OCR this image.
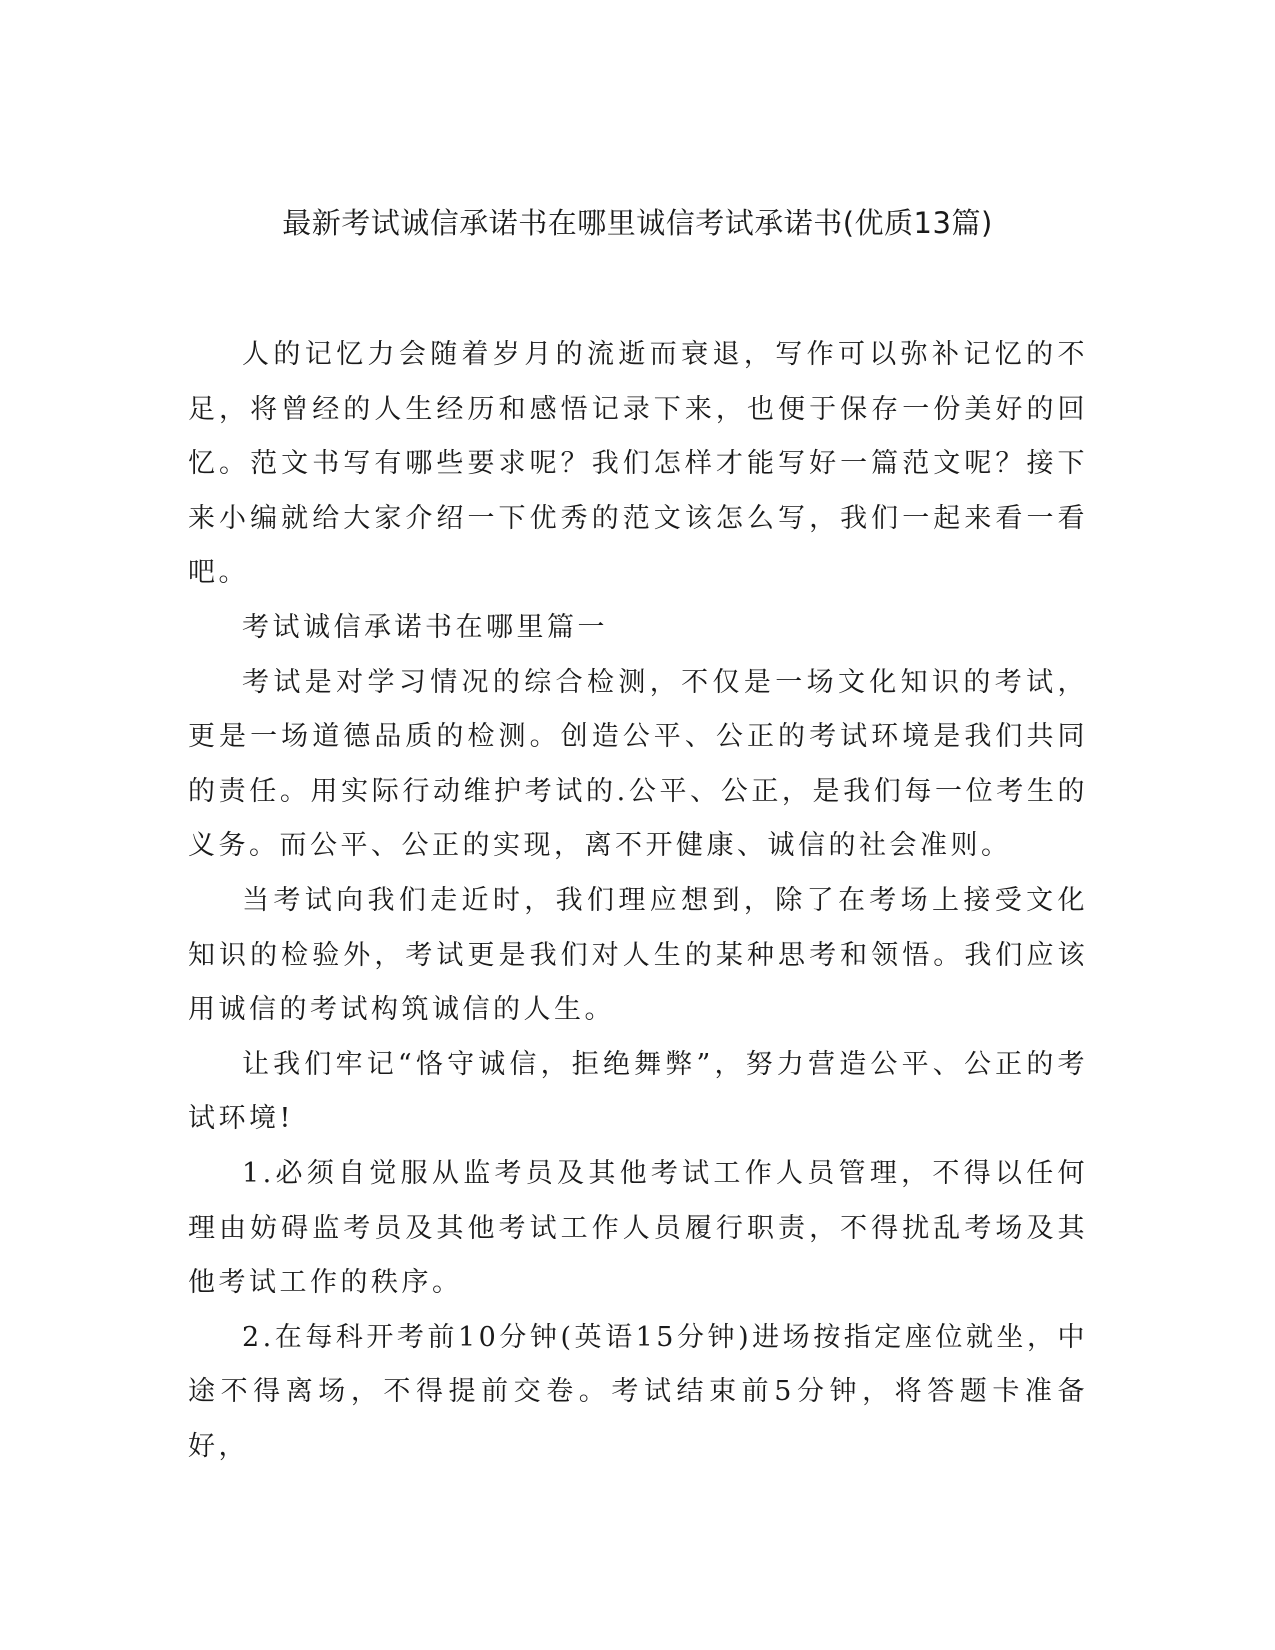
最新考试诚信承诺书在哪里诚信考试承诺书(优质13篇)

人的记忆力会随着岁月的流逝而衰退，写作可以弥补记忆的不足，将曾经的人生经历和感悟记录下来，也便于保存一份美好的回忆。范文书写有哪些要求呢？我们怎样才能写好一篇范文呢？接下来小编就给大家介绍一下优秀的范文该怎么写，我们一起来看一看吧。

考试诚信承诺书在哪里篇一

考试是对学习情况的综合检测，不仅是一场文化知识的考试，更是一场道德品质的检测。创造公平、公正的考试环境是我们共同的责任。用实际行动维护考试的.公平、公正，是我们每一位考生的义务。而公平、公正的实现，离不开健康、诚信的社会准则。

当考试向我们走近时，我们理应想到，除了在考场上接受文化知识的检验外，考试更是我们对人生的某种思考和领悟。我们应该用诚信的考试构筑诚信的人生。

让我们牢记“恪守诚信，拒绝舞弊”，努力营造公平、公正的考试环境!

1.必须自觉服从监考员及其他考试工作人员管理，不得以任何理由妨碍监考员及其他考试工作人员履行职责，不得扰乱考场及其他考试工作的秩序。

2.在每科开考前10分钟(英语15分钟)进场按指定座位就坐，中途不得离场，不得提前交卷。考试结束前5分钟，将答题卡准备好，
